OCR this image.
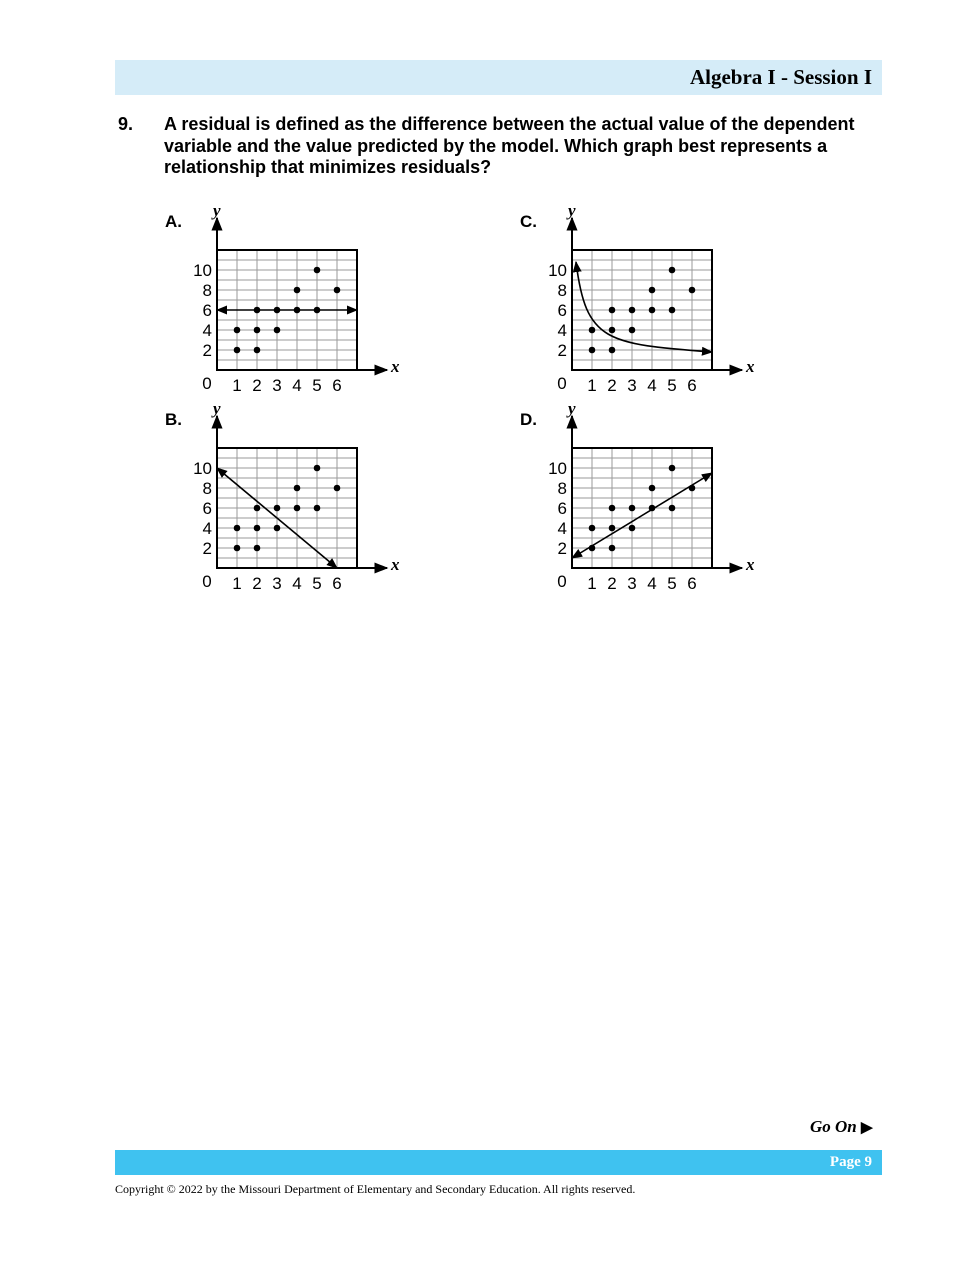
Algebra I - Session I
9. A residual is defined as the difference between the actual value of the dependent variable and the value predicted by the model. Which graph best represents a relationship that minimizes residuals?
A.
y
x
2
4
6
8
10
0 1 2 3 4 5 6
B.
y
x
2
4
6
8
10
0 1 2 3 4 5 6
C.
y
x
2
4
6
8
10
0 1 2 3 4 5 6
D.
y
x
2
4
6
8
10
0 1 2 3 4 5 6
Go On ▶
Page 9
Copyright © 2022 by the Missouri Department of Elementary and Secondary Education. All rights reserved.
